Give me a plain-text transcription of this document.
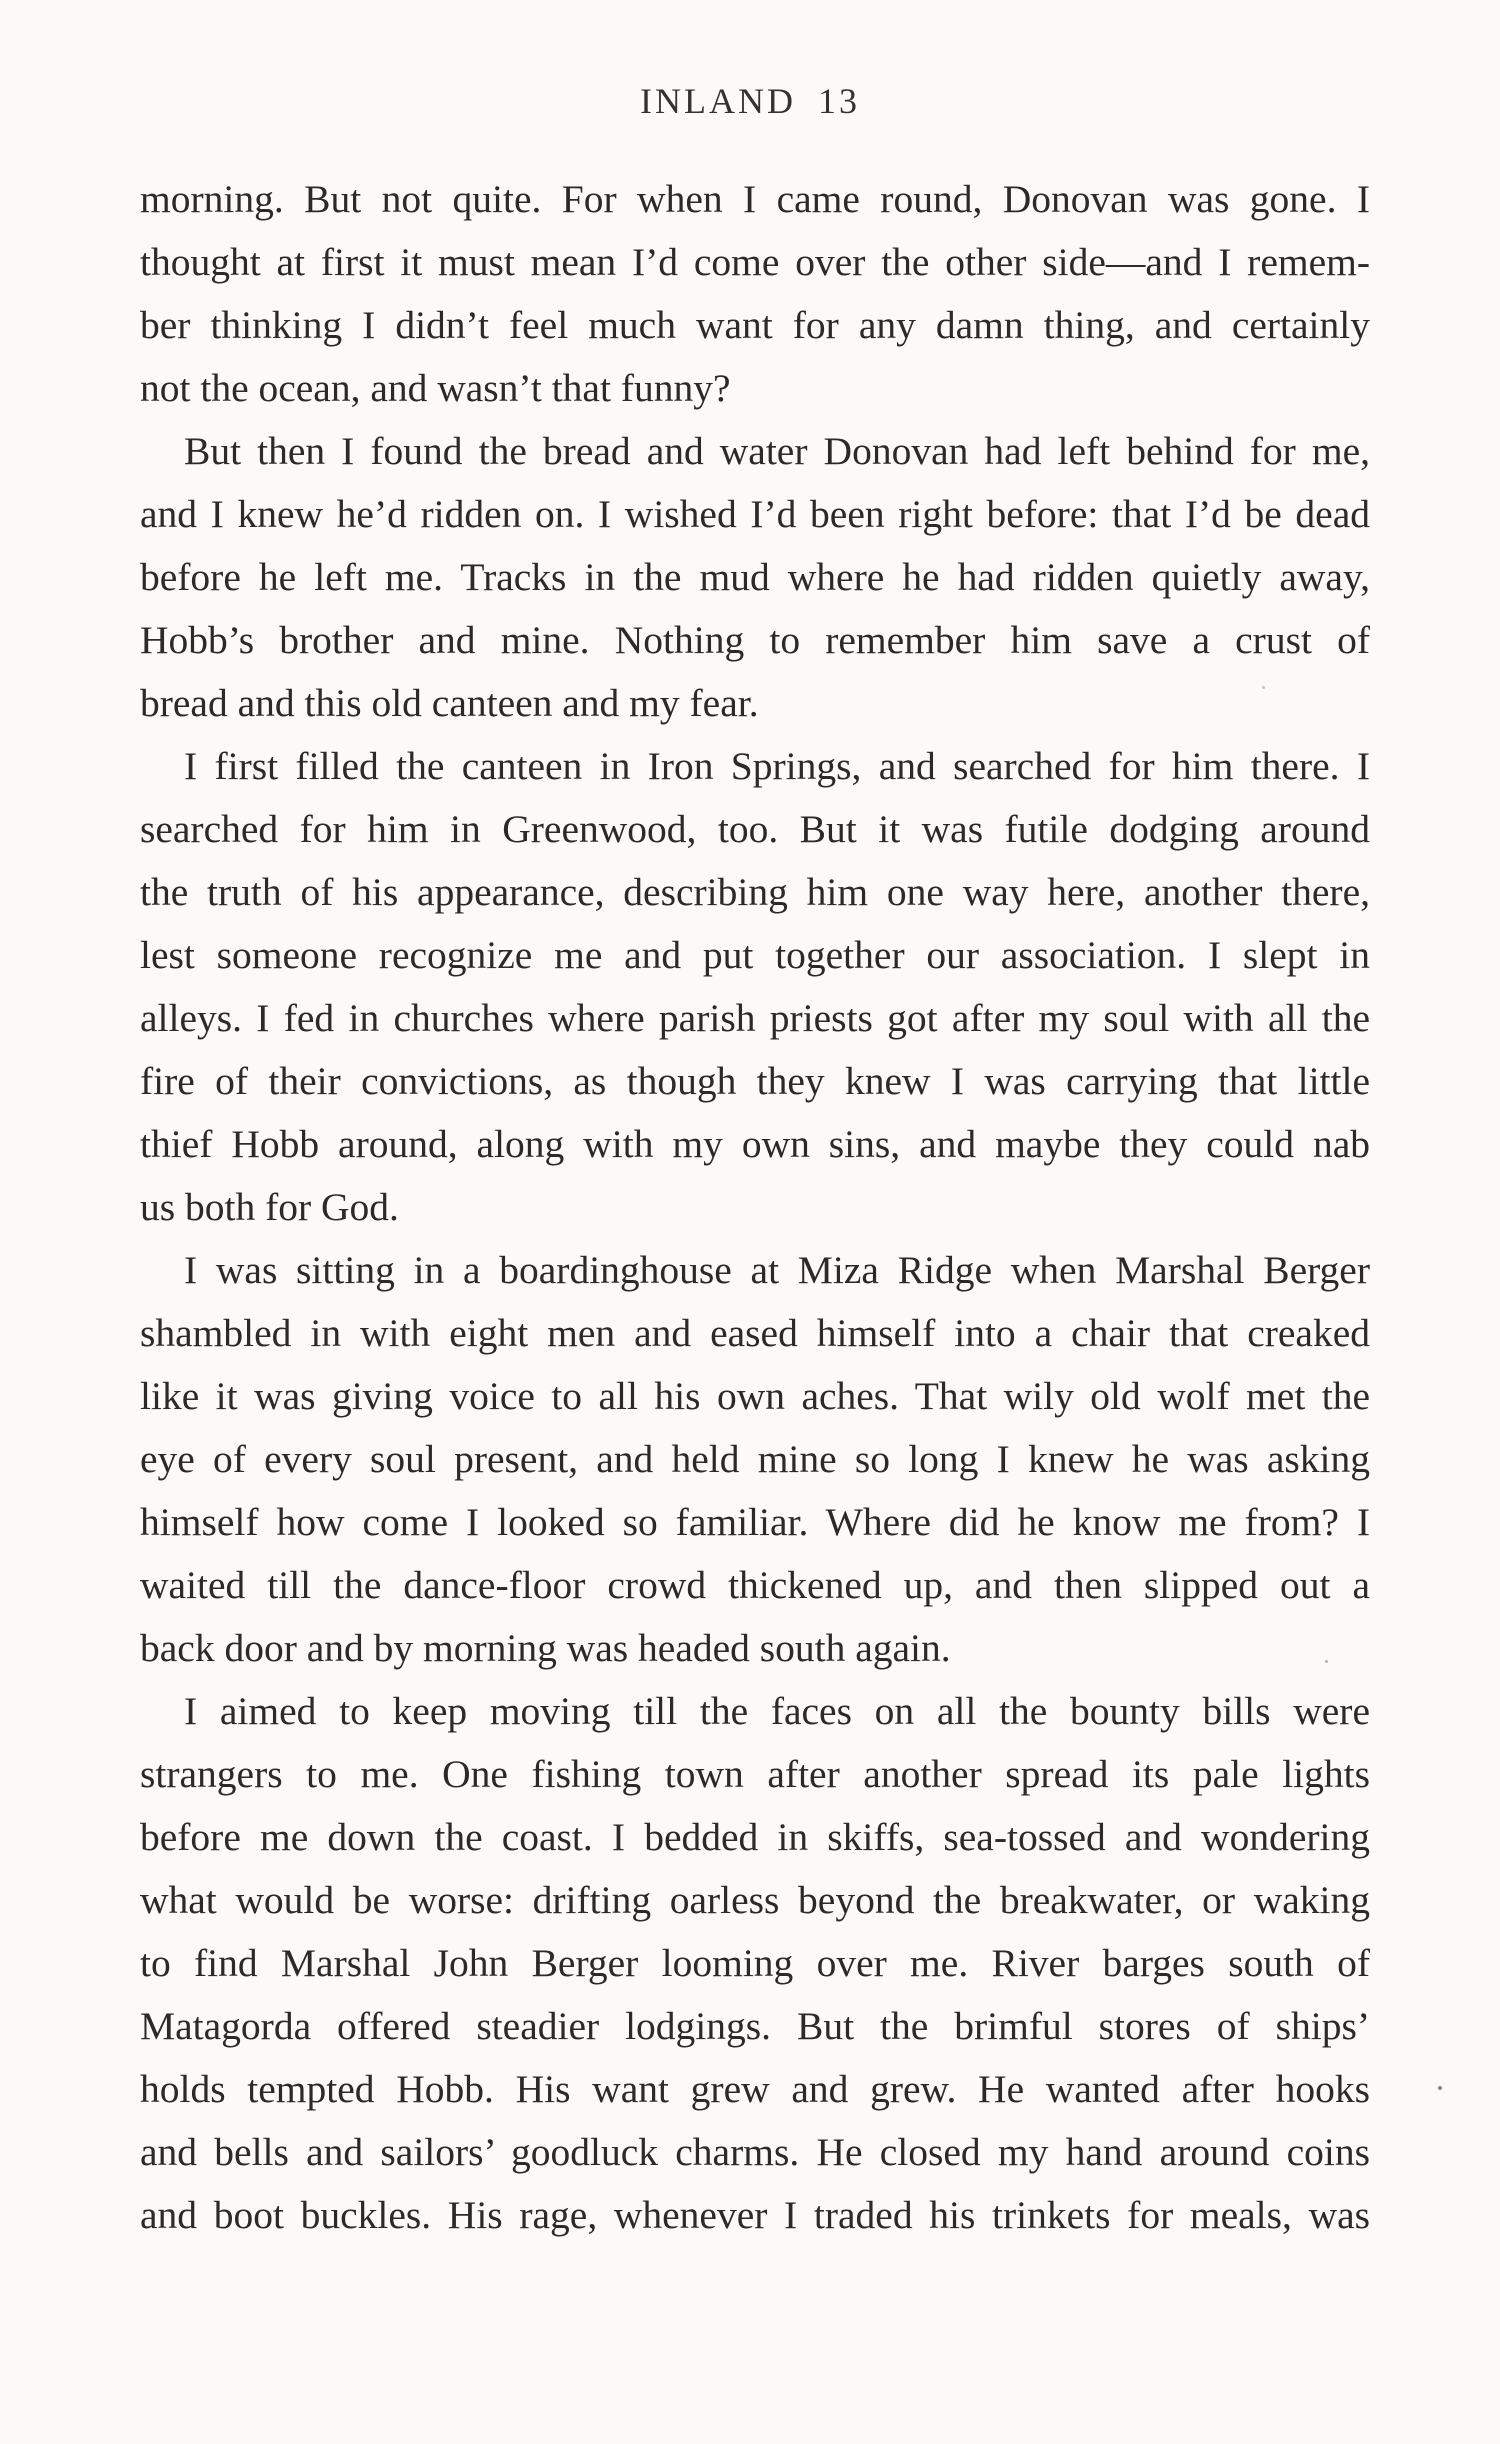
INLAND 13
morning. But not quite. For when I came round, Donovan was gone. I
thought at first it must mean I’d come over the other side—and I remem-
ber thinking I didn’t feel much want for any damn thing, and certainly
not the ocean, and wasn’t that funny?
But then I found the bread and water Donovan had left behind for me,
and I knew he’d ridden on. I wished I’d been right before: that I’d be dead
before he left me. Tracks in the mud where he had ridden quietly away,
Hobb’s brother and mine. Nothing to remember him save a crust of
bread and this old canteen and my fear.
I first filled the canteen in Iron Springs, and searched for him there. I
searched for him in Greenwood, too. But it was futile dodging around
the truth of his appearance, describing him one way here, another there,
lest someone recognize me and put together our association. I slept in
alleys. I fed in churches where parish priests got after my soul with all the
fire of their convictions, as though they knew I was carrying that little
thief Hobb around, along with my own sins, and maybe they could nab
us both for God.
I was sitting in a boardinghouse at Miza Ridge when Marshal Berger
shambled in with eight men and eased himself into a chair that creaked
like it was giving voice to all his own aches. That wily old wolf met the
eye of every soul present, and held mine so long I knew he was asking
himself how come I looked so familiar. Where did he know me from? I
waited till the dance-floor crowd thickened up, and then slipped out a
back door and by morning was headed south again.
I aimed to keep moving till the faces on all the bounty bills were
strangers to me. One fishing town after another spread its pale lights
before me down the coast. I bedded in skiffs, sea-tossed and wondering
what would be worse: drifting oarless beyond the breakwater, or waking
to find Marshal John Berger looming over me. River barges south of
Matagorda offered steadier lodgings. But the brimful stores of ships’
holds tempted Hobb. His want grew and grew. He wanted after hooks
and bells and sailors’ goodluck charms. He closed my hand around coins
and boot buckles. His rage, whenever I traded his trinkets for meals, was
